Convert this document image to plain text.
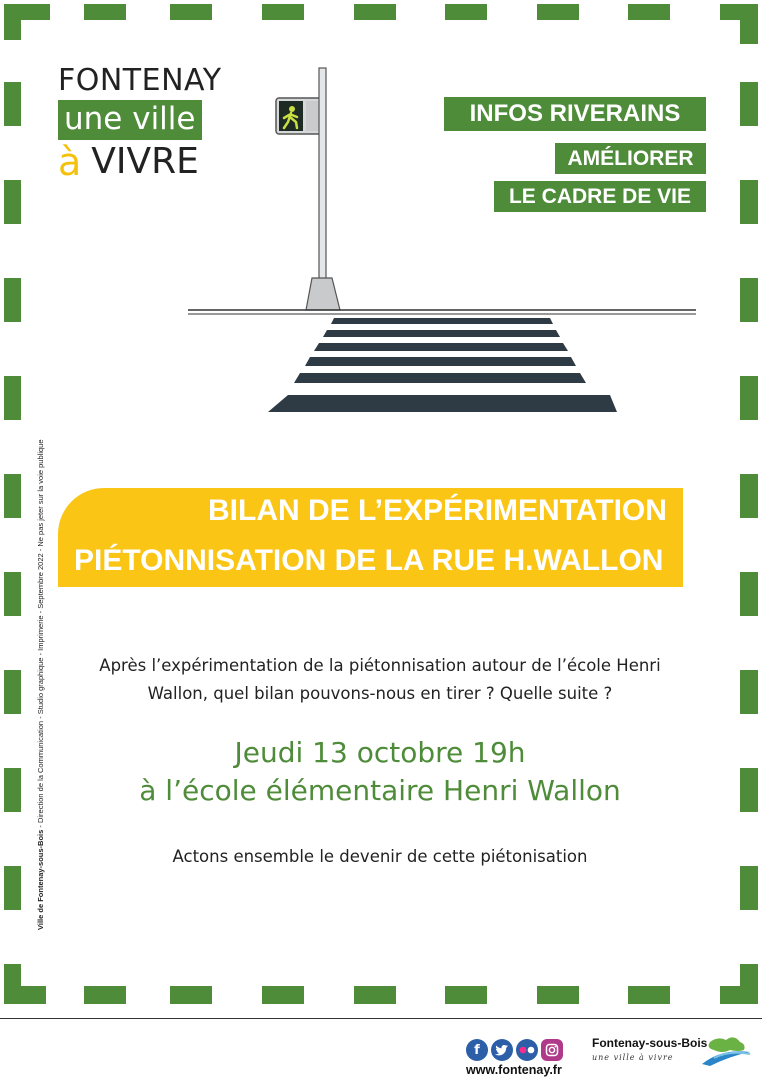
Ville de Fontenay-sous-Bois - Direction de la Communication - Studio graphique - Imprimerie - Septembre 2022 - Ne pas jeter sur la voie publique
FONTENAY
une ville
à VIVRE
INFOS RIVERAINS
AMÉLIORER
LE CADRE DE VIE
BILAN DE L’EXPÉRIMENTATION
PIÉTONNISATION DE LA RUE H.WALLON
Après l’expérimentation de la piétonnisation autour de l’école Henri
Wallon, quel bilan pouvons-nous en tirer ? Quelle suite ?
Jeudi 13 octobre 19h
à l’école élémentaire Henri Wallon
Actons ensemble le devenir de cette piétonisation
f
www.fontenay.fr
Fontenay-sous-Bois
une ville à vivre
